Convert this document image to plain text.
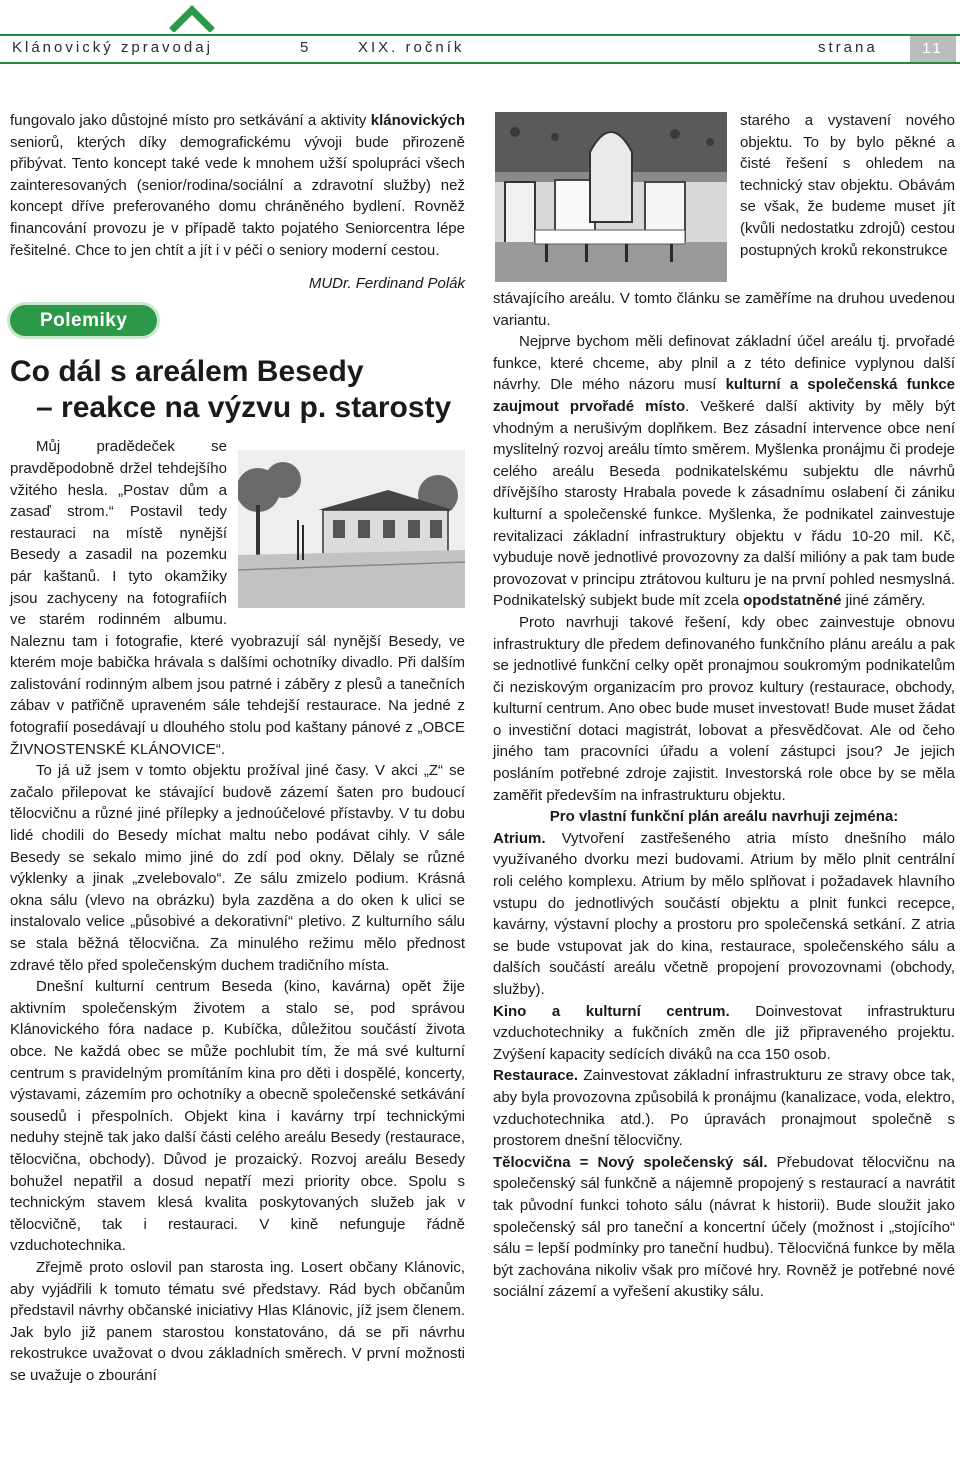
Klánovický zpravodaj	5	XIX. ročník	strana	11
starého a vystavení nového objektu. To by bylo pěkné a čisté řešení s ohledem na technický stav objektu. Obávám se však, že budeme muset jít (kvůli nedostatku zdrojů) cestou postupných kroků rekonstrukce

fungovalo jako důstojné místo pro setkávání a aktivity klánovických seniorů, kterých díky demografickému vývoji bude přirozeně přibývat. Tento koncept také vede k mnohem užší spolupráci všech zainteresovaných (senior/rodina/sociální a zdravotní služby) než koncept dříve preferovaného domu chráněného bydlení. Rovněž financování provozu je v případě takto pojatého Seniorcentra lépe řešitelné. Chce to jen chtít a jít i v péči o seniory moderní cestou.

MUDr. Ferdinand Polák

Polemiky
Co dál s areálem Besedy
– reakce na výzvu p. starosty

Můj pradědeček se pravděpodobně držel tehdejšího vžitého hesla. „Postav dům a zasaď strom.“ Postavil tedy restauraci na místě nynější Besedy a zasadil na pozemku pár kaštanů. I tyto okamžiky jsou zachyceny na fotografiích ve starém rodinném albumu. Naleznu tam i fotografie, které vyobrazují sál nynější Besedy, ve kterém moje babička hrávala s dalšími ochotníky divadlo. Při dalším zalistování rodinným albem jsou patrné i záběry z plesů a tanečních zábav v patřičně upraveném sále tehdejší restaurace. Na jedné z fotografií posedávají u dlouhého stolu pod kaštany pánové z „OBCE ŽIVNOSTENSKÉ KLÁNOVICE“.

To já už jsem v tomto objektu prožíval jiné časy. V akci „Z“ se začalo přilepovat ke stávající budově zázemí šaten pro budoucí tělocvičnu a různé jiné přílepky a jednoúčelové přístavby. V tu dobu lidé chodili do Besedy míchat maltu nebo podávat cihly. V sále Besedy se sekalo mimo jiné do zdí pod okny. Dělaly se různé výklenky a jinak „zvelebovalo“. Ze sálu zmizelo podium. Krásná okna sálu (vlevo na obrázku) byla zazděna a do oken k ulici se instalovalo velice „působivé a dekorativní“ pletivo. Z kulturního sálu se stala běžná tělocvična. Za minulého režimu mělo přednost zdravé tělo před společenským duchem tradičního místa.

Dnešní kulturní centrum Beseda (kino, kavárna) opět žije aktivním společenským životem a stalo se, pod správou Klánovického fóra nadace p. Kubíčka, důležitou součástí života obce. Ne každá obec se může pochlubit tím, že má své kulturní centrum s pravidelným promítáním kina pro děti i dospělé, koncerty, výstavami, zázemím pro ochotníky a obecně společenské setkávání sousedů i přespolních. Objekt kina i kavárny trpí technickými neduhy stejně tak jako další části celého areálu Besedy (restaurace, tělocvična, obchody). Důvod je prozaický. Rozvoj areálu Besedy bohužel nepatřil a dosud nepatří mezi priority obce. Spolu s technickým stavem klesá kvalita poskytovaných služeb jak v tělocvičně, tak i restauraci. V kině nefunguje řádně vzduchotechnika.

Zřejmě proto oslovil pan starosta ing. Losert občany Klánovic, aby vyjádřili k tomuto tématu své představy. Rád bych občanům představil návrhy občanské iniciativy Hlas Klánovic, jíž jsem členem. Jak bylo již panem starostou konstatováno, dá se při návrhu rekostrukce uvažovat o dvou základních směrech. V první možnosti se uvažuje o zbourání

stávajícího areálu. V tomto článku se zaměříme na druhou uvedenou variantu.

Nejprve bychom měli definovat základní účel areálu tj. prvořadé funkce, které chceme, aby plnil a z této definice vyplynou další návrhy. Dle mého názoru musí kulturní a společenská funkce zaujmout prvořadé místo. Veškeré další aktivity by měly být vhodným a nerušivým doplňkem. Bez zásadní intervence obce není myslitelný rozvoj areálu tímto směrem. Myšlenka pronájmu či prodeje celého areálu Beseda podnikatelskému subjektu dle návrhů dřívějšího starosty Hrabala povede k zásadnímu oslabení či zániku kulturní a společenské funkce. Myšlenka, že podnikatel zainvestuje revitalizaci základní infrastruktury objektu v řádu 10-20 mil. Kč, vybuduje nově jednotlivé provozovny za další milióny a pak tam bude provozovat v principu ztrátovou kulturu je na první pohled nesmyslná. Podnikatelský subjekt bude mít zcela opodstatněné jiné záměry.

Proto navrhuji takové řešení, kdy obec zainvestuje obnovu infrastruktury dle předem definovaného funkčního plánu areálu a pak se jednotlivé funkční celky opět pronajmou soukromým podnikatelům či neziskovým organizacím pro provoz kultury (restaurace, obchody, kulturní centrum. Ano obec bude muset investovat! Bude muset žádat o investiční dotaci magistrát, lobovat a přesvědčovat. Ale od čeho jiného tam pracovníci úřadu a volení zástupci jsou? Je jejich posláním potřebné zdroje zajistit. Investorská role obce by se měla zaměřit především na infrastrukturu objektu.

Pro vlastní funkční plán areálu navrhuji zejména:

Atrium. Vytvoření zastřešeného atria místo dnešního málo využívaného dvorku mezi budovami. Atrium by mělo plnit centrální roli celého komplexu. Atrium by mělo splňovat i požadavek hlavního vstupu do jednotlivých součástí objektu a plnit funkci recepce, kavárny, výstavní plochy a prostoru pro společenská setkání. Z atria se bude vstupovat jak do kina, restaurace, společenského sálu a dalších součástí areálu včetně propojení provozovnami (obchody, služby).

Kino a kulturní centrum. Doinvestovat infrastrukturu vzduchotechniky a fukčních změn dle již připraveného projektu. Zvýšení kapacity sedících diváků na cca 150 osob.

Restaurace. Zainvestovat základní infrastrukturu ze stravy obce tak, aby byla provozovna způsobilá k pronájmu (kanalizace, voda, elektro, vzduchotechnika atd.). Po úpravách pronajmout společně s prostorem dnešní tělocvičny.

Tělocvična = Nový společenský sál. Přebudovat tělocvičnu na společenský sál funkčně a nájemně propojený s restaurací a navrátit tak původní funkci tohoto sálu (návrat k historii). Bude sloužit jako společenský sál pro taneční a koncertní účely (možnost i „stojícího“ sálu = lepší podmínky pro taneční hudbu). Tělocvičná funkce by měla být zachována nikoliv však pro míčové hry. Rovněž je potřebné nové sociální zázemí a vyřešení akustiky sálu.
